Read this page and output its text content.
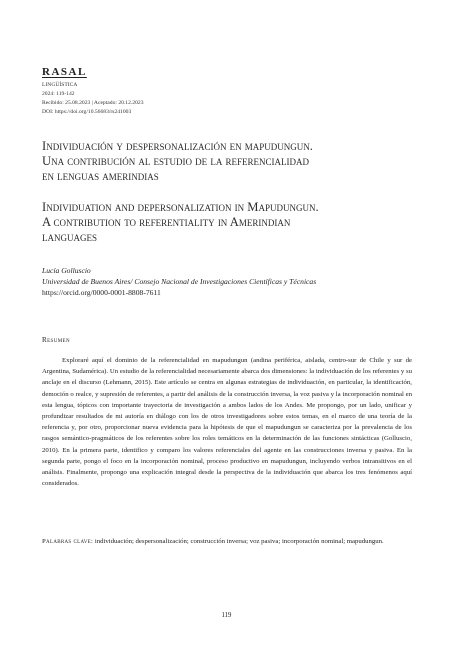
RASAL
LINGÜÍSTICA
2024: 119-142
Recibido: 25.08.2023 | Aceptado: 20.12.2023
DOI: https://doi.org/10.56683/rs241003
Individuación y despersonalización en mapudungun.
Una contribución al estudio de la referencialidad
en lenguas amerindias
Individuation and depersonalization in Mapudungun.
A contribution to referentiality in Amerindian
languages
Lucía Golluscio
Universidad de Buenos Aires/ Consejo Nacional de Investigaciones Científicas y Técnicas
https://orcid.org/0000-0001-8808-7611
Resumen

Exploraré aquí el dominio de la referencialidad en mapudungun (andina periférica, aislada, centro-sur de Chile y sur de Argentina, Sudamérica). Un estudio de la referencialidad necesariamente abarca dos dimensiones: la individuación de los referentes y su anclaje en el discurso (Lehmann, 2015). Este artículo se centra en algunas estrategias de individuación, en particular, la identificación, democión o realce, y supresión de referentes, a partir del análisis de la construcción inversa, la voz pasiva y la incorporación nominal en esta lengua, tópicos con importante trayectoria de investigación a ambos lados de los Andes. Me propongo, por un lado, unificar y profundizar resultados de mi autoría en diálogo con los de otros investigadores sobre estos temas, en el marco de una teoría de la referencia y, por otro, proporcionar nueva evidencia para la hipótesis de que el mapudungun se caracteriza por la prevalencia de los rasgos semántico-pragmáticos de los referentes sobre los roles temáticos en la determinación de las funciones sintácticas (Golluscio, 2010). En la primera parte, identifico y comparo los valores referenciales del agente en las construcciones inversa y pasiva. En la segunda parte, pongo el foco en la incorporación nominal, proceso productivo en mapudungun, incluyendo verbos intransitivos en el análisis. Finalmente, propongo una explicación integral desde la perspectiva de la individuación que abarca los tres fenómenos aquí considerados.

Palabras clave: individuación; despersonalización; construcción inversa; voz pasiva; incorporación nominal; mapudungun.
119
